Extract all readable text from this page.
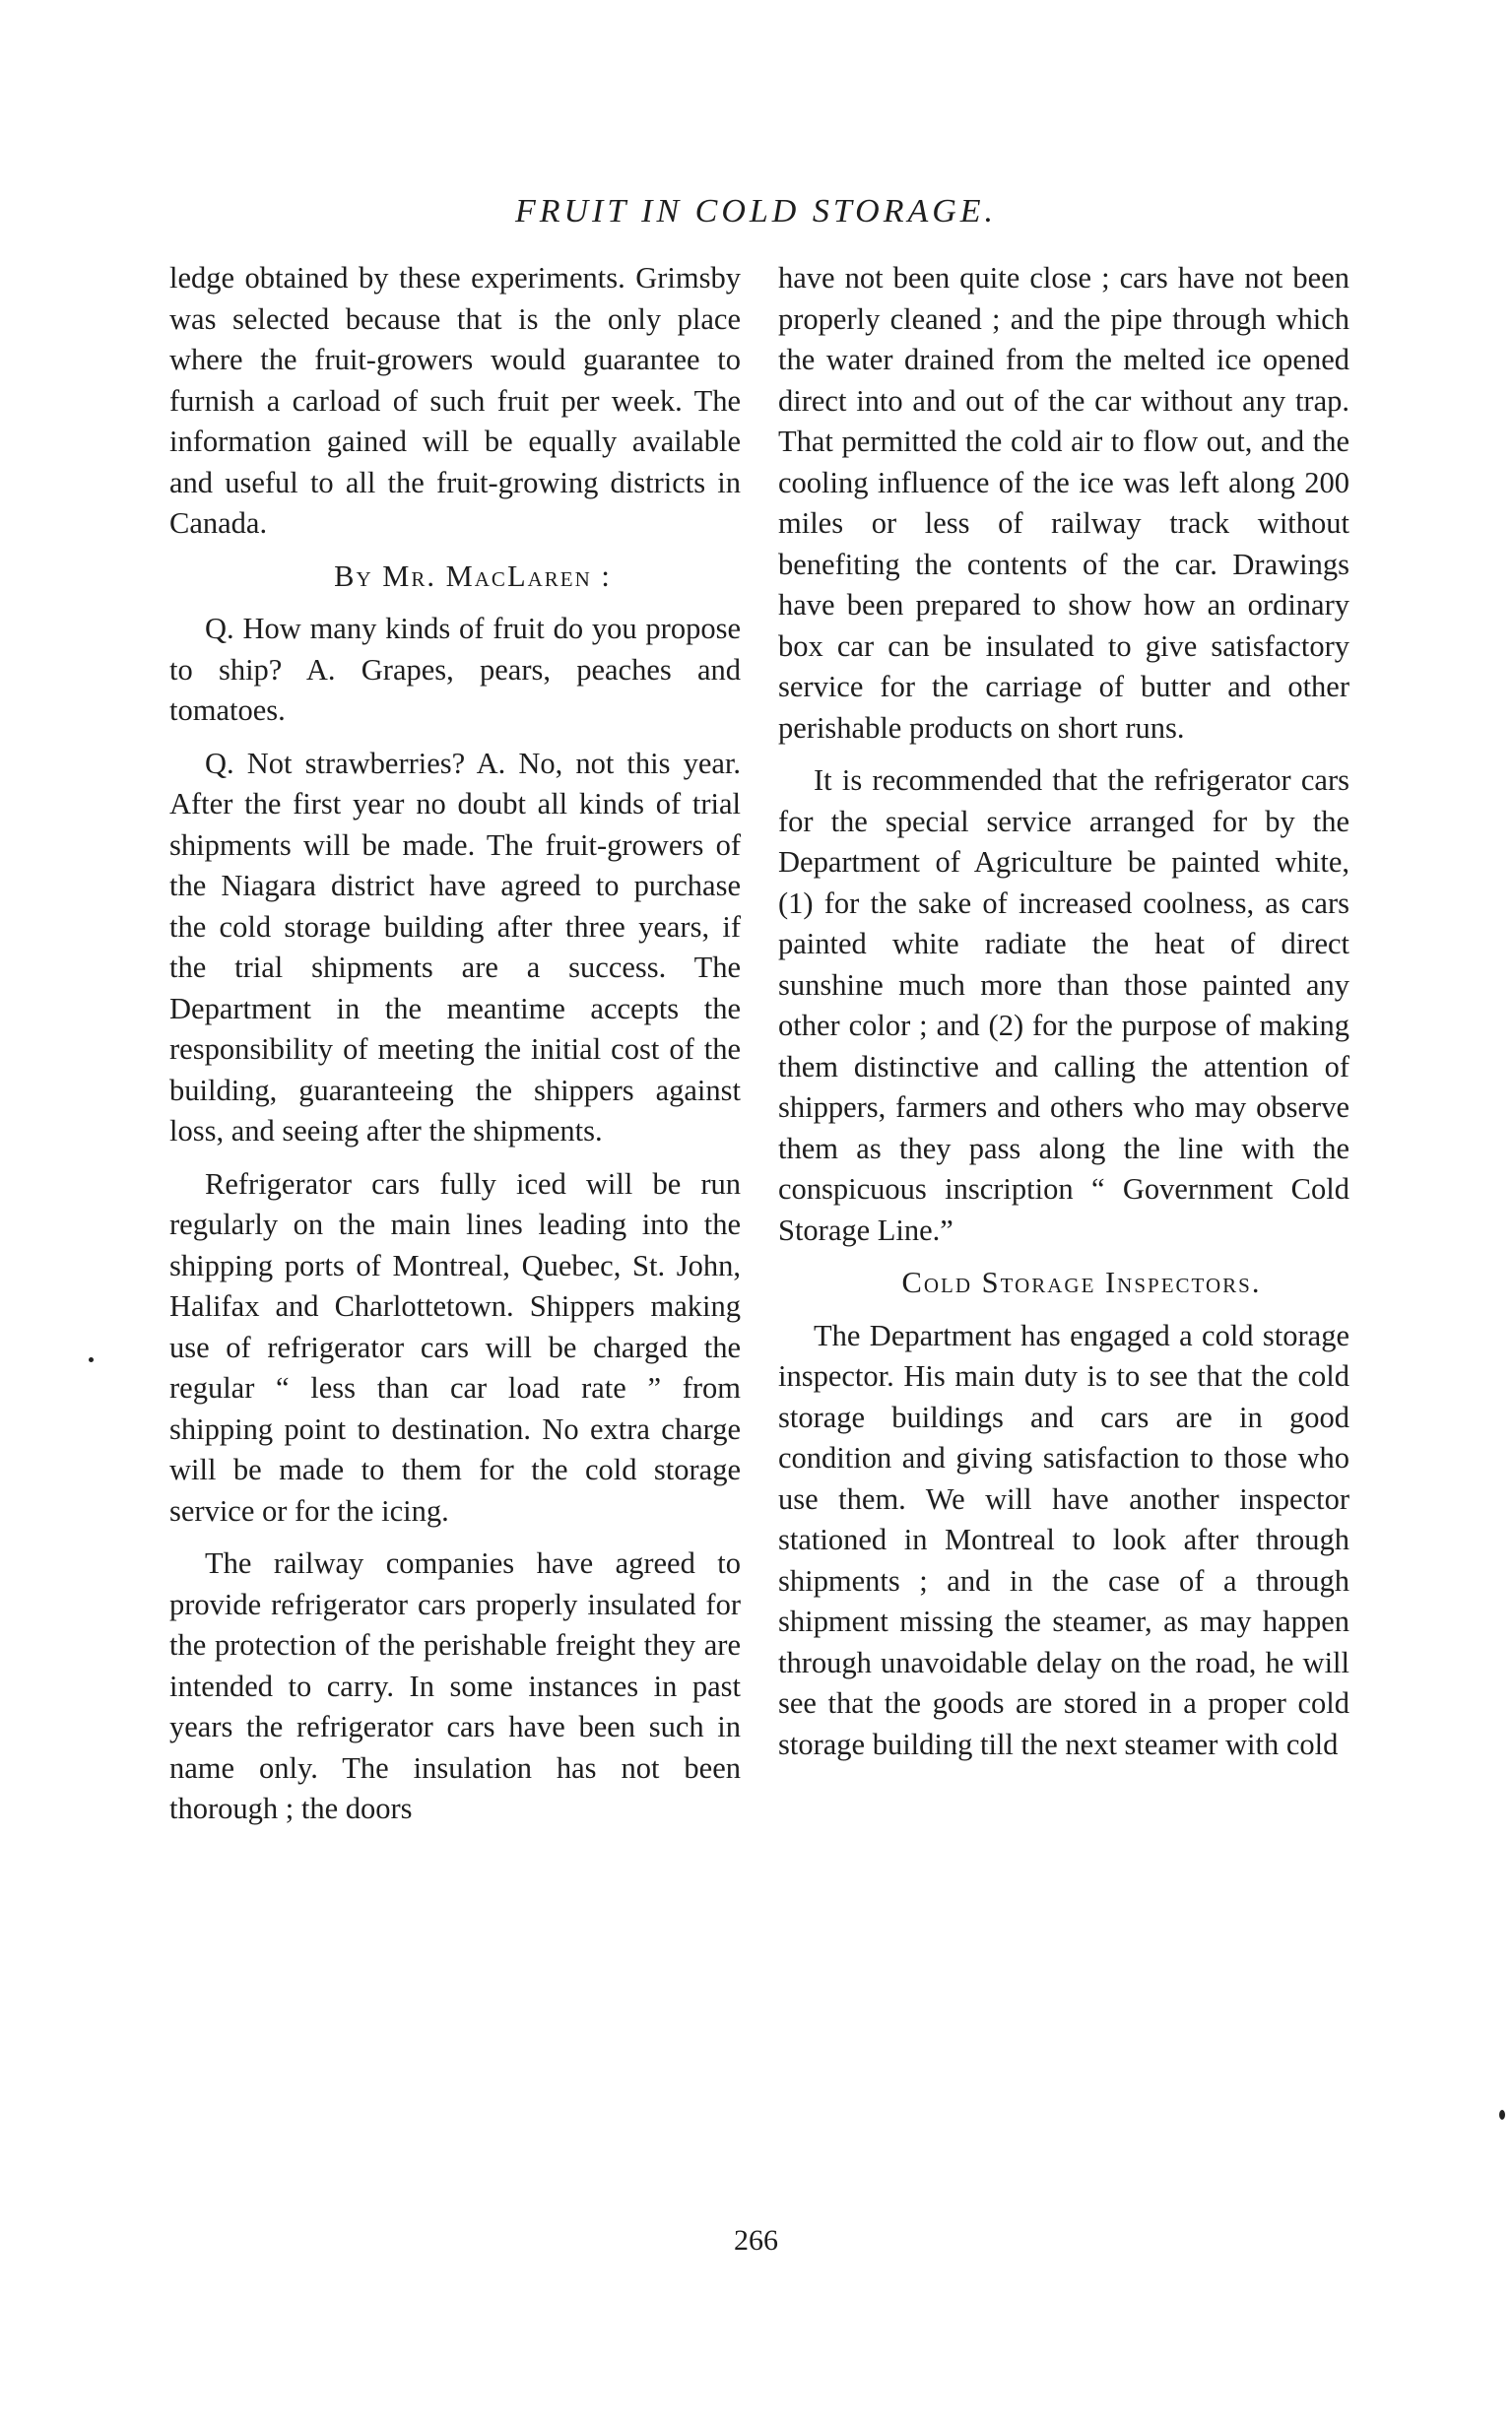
FRUIT IN COLD STORAGE.

ledge obtained by these experiments. Grimsby was selected because that is the only place where the fruit-growers would guarantee to furnish a carload of such fruit per week. The information gained will be equally available and useful to all the fruit-growing districts in Canada.

By Mr. MacLaren :

Q. How many kinds of fruit do you propose to ship? A. Grapes, pears, peaches and tomatoes.

Q. Not strawberries? A. No, not this year. After the first year no doubt all kinds of trial shipments will be made. The fruit-growers of the Niagara district have agreed to purchase the cold storage building after three years, if the trial shipments are a success. The Department in the meantime accepts the responsibility of meeting the initial cost of the building, guaranteeing the shippers against loss, and seeing after the shipments.

Refrigerator cars fully iced will be run regularly on the main lines leading into the shipping ports of Montreal, Quebec, St. John, Halifax and Charlottetown. Shippers making use of refrigerator cars will be charged the regular “ less than car load rate ” from shipping point to destination. No extra charge will be made to them for the cold storage service or for the icing.

The railway companies have agreed to provide refrigerator cars properly insulated for the protection of the perishable freight they are intended to carry. In some instances in past years the refrigerator cars have been such in name only. The insulation has not been thorough ; the doors

have not been quite close ; cars have not been properly cleaned ; and the pipe through which the water drained from the melted ice opened direct into and out of the car without any trap. That permitted the cold air to flow out, and the cooling influence of the ice was left along 200 miles or less of railway track without benefiting the contents of the car. Drawings have been prepared to show how an ordinary box car can be insulated to give satisfactory service for the carriage of butter and other perishable products on short runs.

It is recommended that the refrigerator cars for the special service arranged for by the Department of Agriculture be painted white, (1) for the sake of increased coolness, as cars painted white radiate the heat of direct sunshine much more than those painted any other color ; and (2) for the purpose of making them distinctive and calling the attention of shippers, farmers and others who may observe them as they pass along the line with the conspicuous inscription “ Government Cold Storage Line.”

Cold Storage Inspectors.

The Department has engaged a cold storage inspector. His main duty is to see that the cold storage buildings and cars are in good condition and giving satisfaction to those who use them. We will have another inspector stationed in Montreal to look after through shipments ; and in the case of a through shipment missing the steamer, as may happen through unavoidable delay on the road, he will see that the goods are stored in a proper cold storage building till the next steamer with cold

266
